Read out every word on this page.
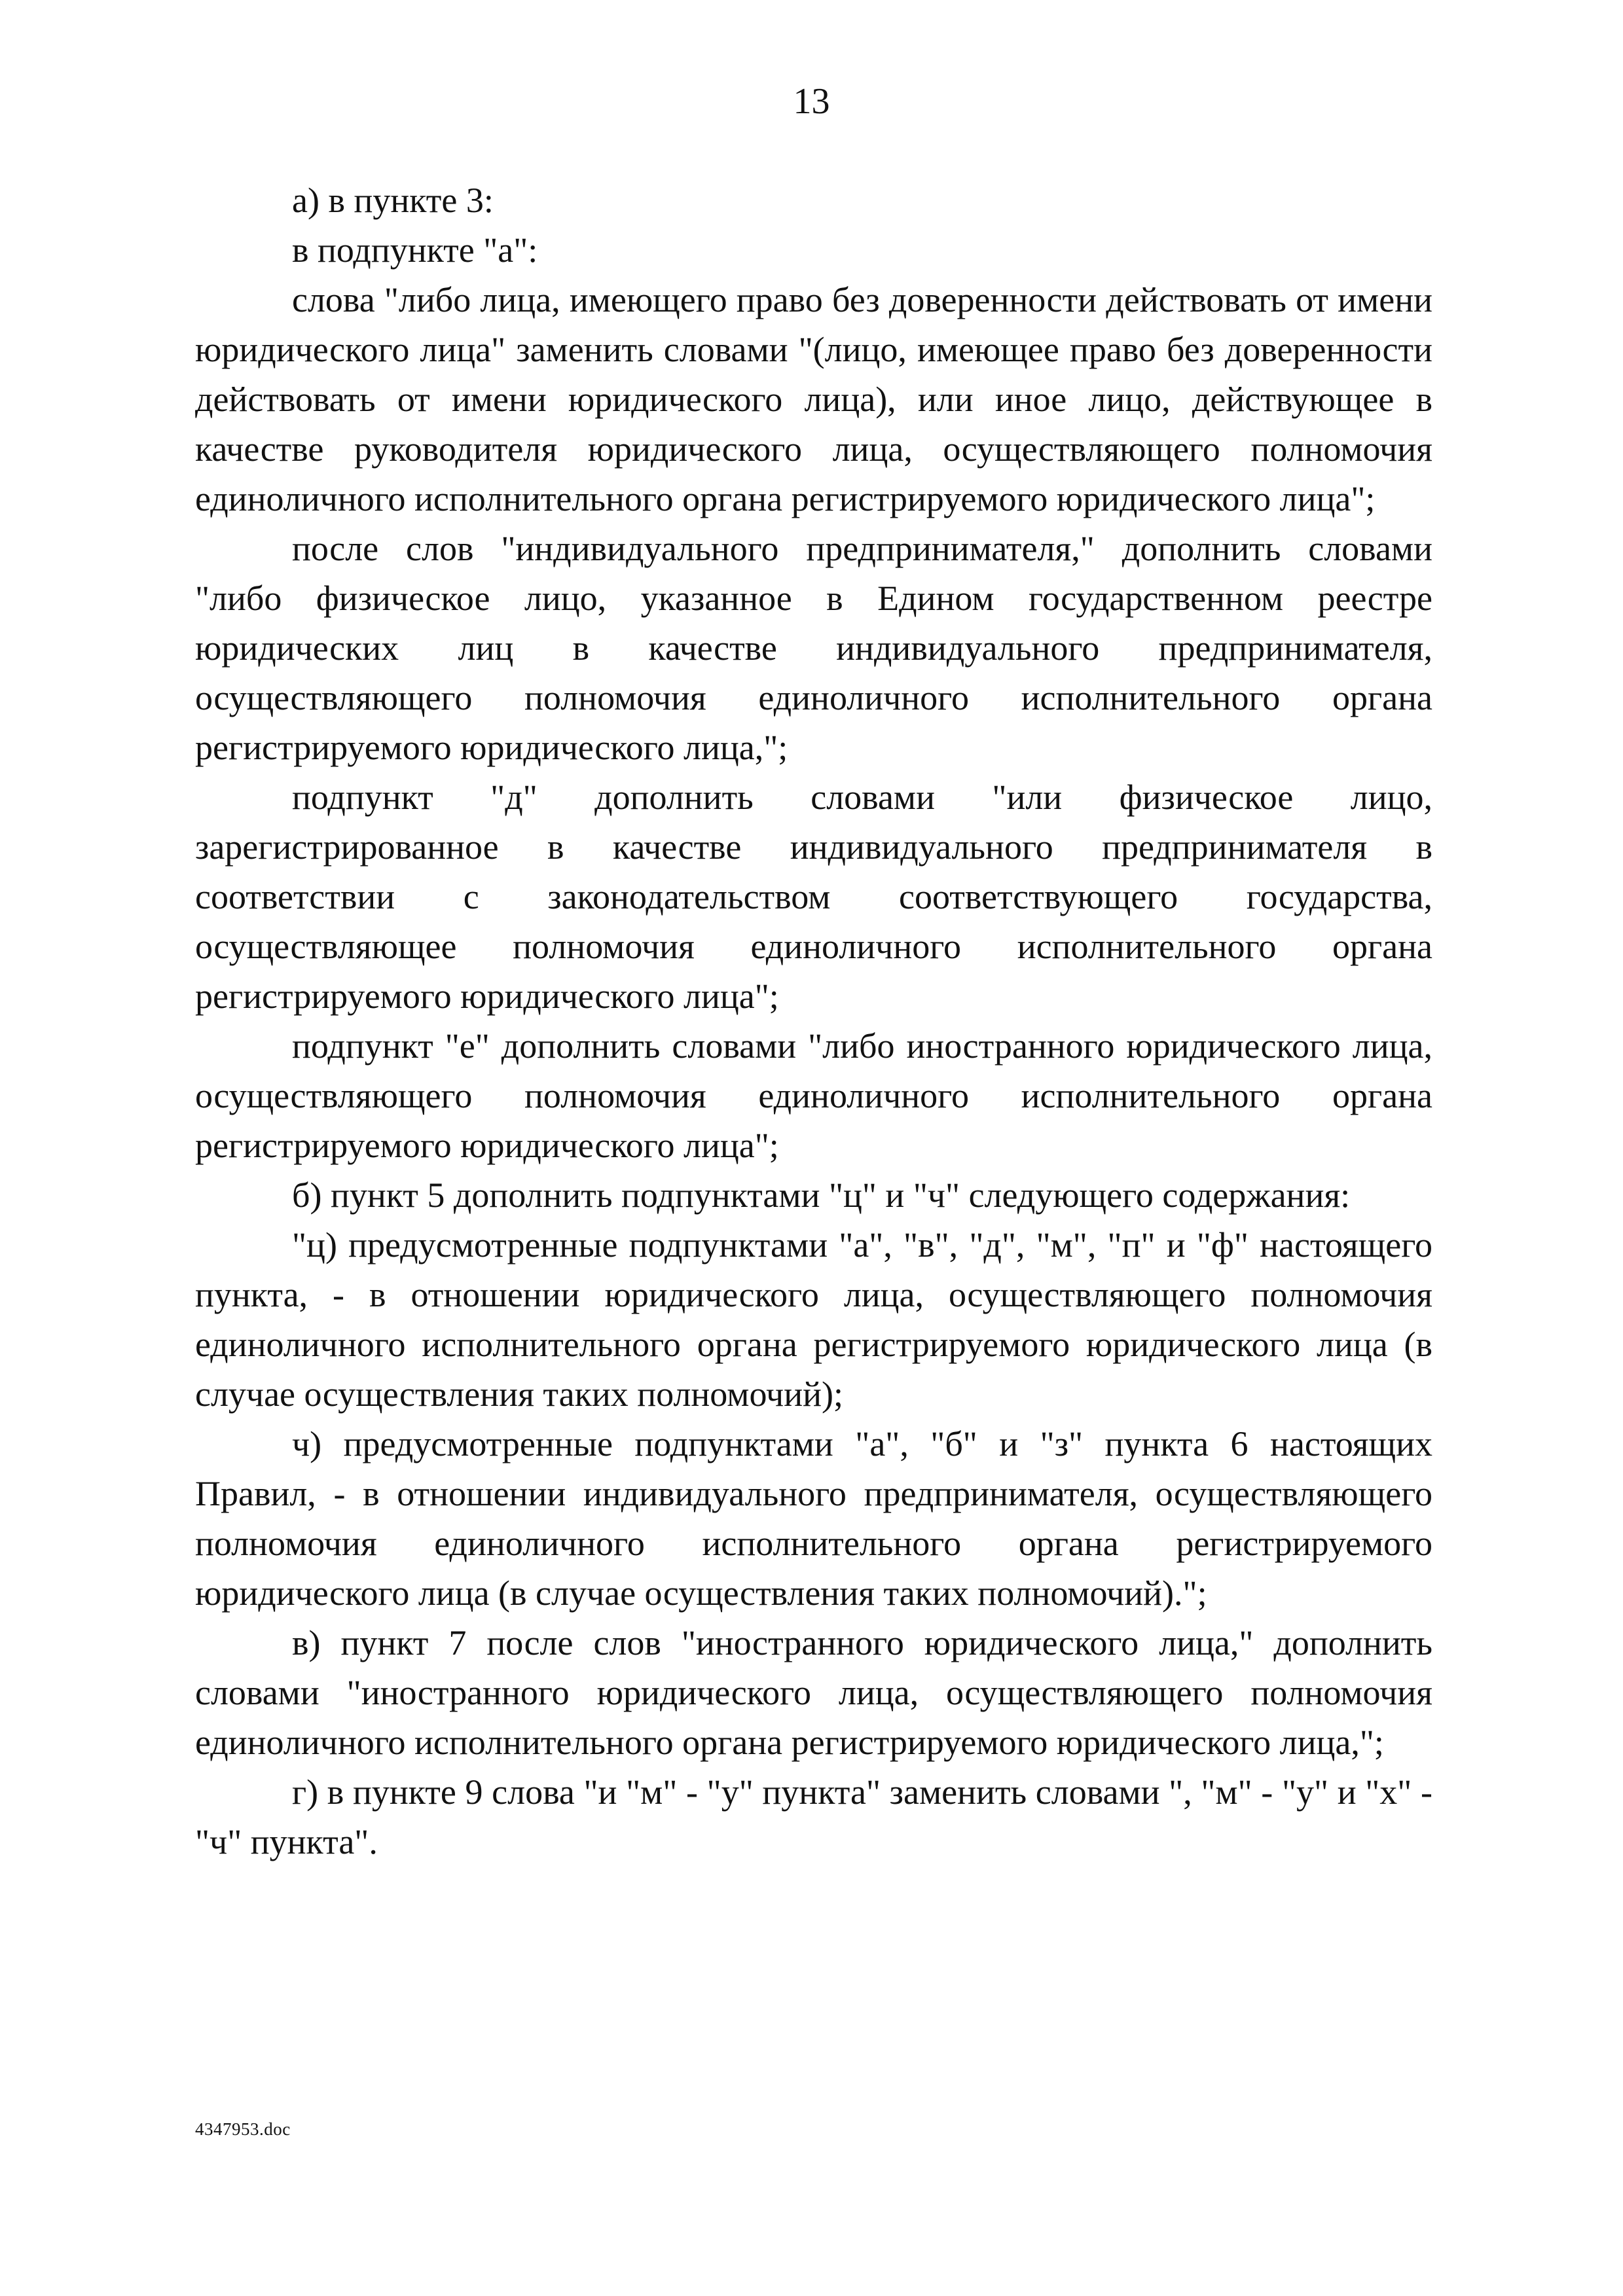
13

а) в пункте 3:

в подпункте "а":

слова "либо лица, имеющего право без доверенности действовать от имени юридического лица" заменить словами "(лицо, имеющее право без доверенности действовать от имени юридического лица), или иное лицо, действующее в качестве руководителя юридического лица, осуществляющего полномочия единоличного исполнительного органа регистрируемого юридического лица";

после слов "индивидуального предпринимателя," дополнить словами "либо физическое лицо, указанное в Едином государственном реестре юридических лиц в качестве индивидуального предпринимателя, осуществляющего полномочия единоличного исполнительного органа регистрируемого юридического лица,";

подпункт "д" дополнить словами "или физическое лицо, зарегистрированное в качестве индивидуального предпринимателя в соответствии с законодательством соответствующего государства, осуществляющее полномочия единоличного исполнительного органа регистрируемого юридического лица";

подпункт "е" дополнить словами "либо иностранного юридического лица, осуществляющего полномочия единоличного исполнительного органа регистрируемого юридического лица";

б) пункт 5 дополнить подпунктами "ц" и "ч" следующего содержания:

"ц) предусмотренные подпунктами "а", "в", "д", "м", "п" и "ф" настоящего пункта, - в отношении юридического лица, осуществляющего полномочия единоличного исполнительного органа регистрируемого юридического лица (в случае осуществления таких полномочий);

ч) предусмотренные подпунктами "а", "б" и "з" пункта 6 настоящих Правил, - в отношении индивидуального предпринимателя, осуществляющего полномочия единоличного исполнительного органа регистрируемого юридического лица (в случае осуществления таких полномочий).";

в) пункт 7 после слов "иностранного юридического лица," дополнить словами "иностранного юридического лица, осуществляющего полномочия единоличного исполнительного органа регистрируемого юридического лица,";

г) в пункте 9 слова "и "м" - "у" пункта" заменить словами ", "м" - "у" и "х" - "ч" пункта".

4347953.doc
